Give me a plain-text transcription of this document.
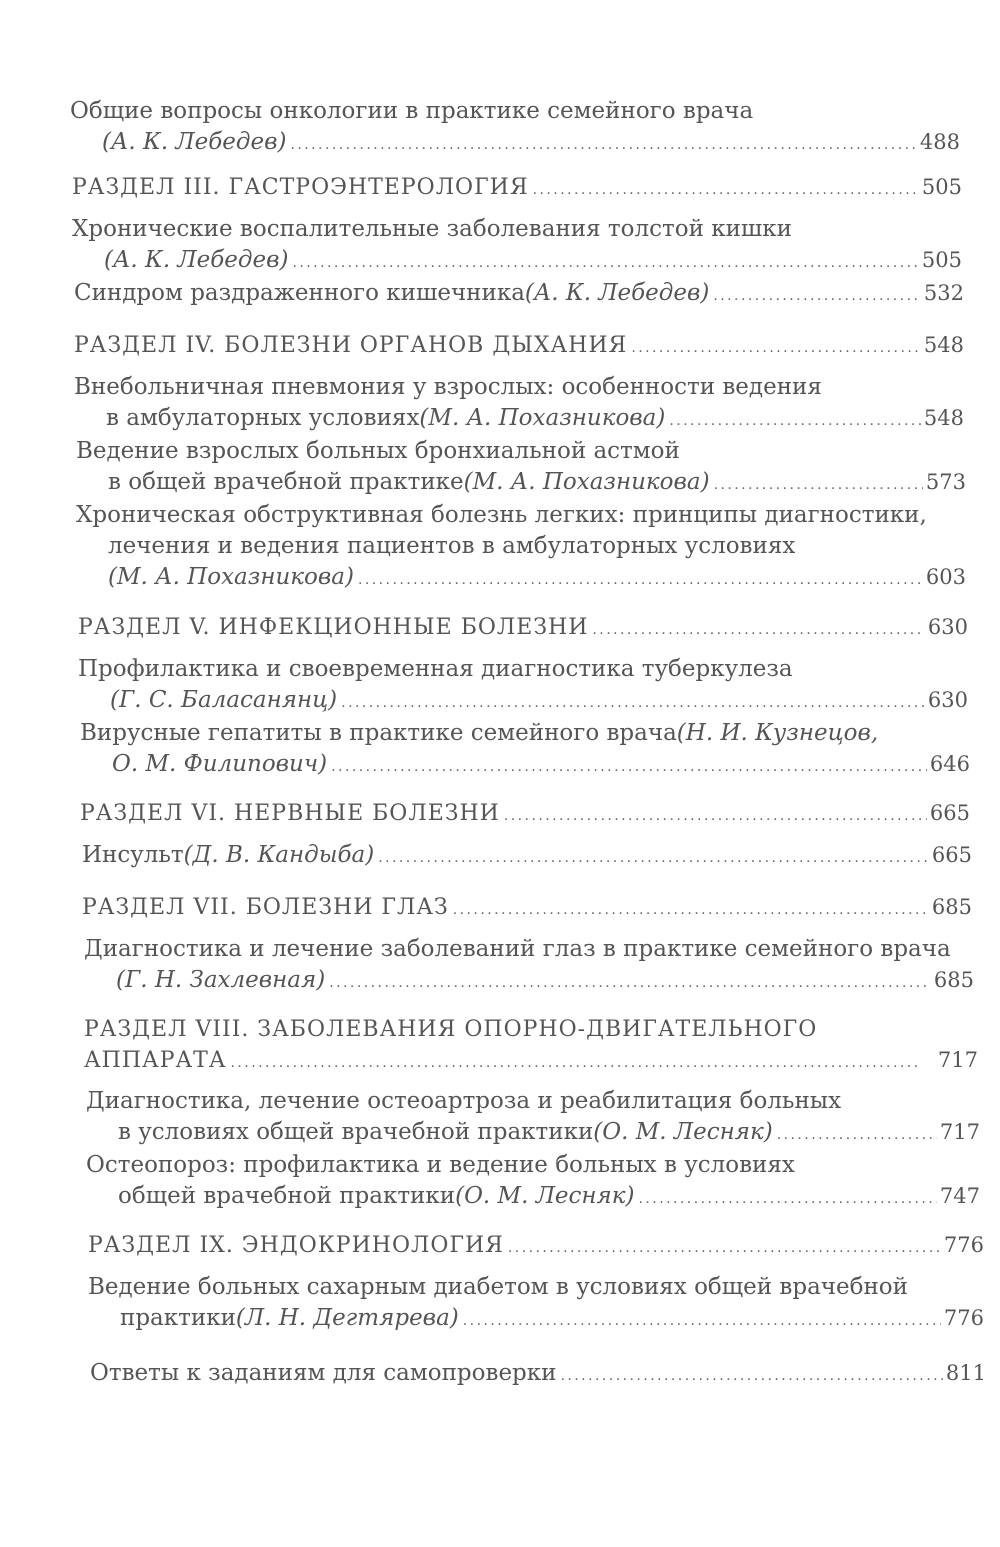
Общие вопросы онкологии в практике семейного врача
(А. К. Лебедев) . . .	488
РАЗДЕЛ III. ГАСТРОЭНТЕРОЛОГИЯ . . .	505
Хронические воспалительные заболевания толстой кишки
(А. К. Лебедев) . . .	505
Синдром раздраженного кишечника (А. К. Лебедев) . . .	532
РАЗДЕЛ IV. БОЛЕЗНИ ОРГАНОВ ДЫХАНИЯ . . .	548
Внебольничная пневмония у взрослых: особенности ведения
в амбулаторных условиях (М. А. Похазникова) . . .	548
Ведение взрослых больных бронхиальной астмой
в общей врачебной практике (М. А. Похазникова) . . .	573
Хроническая обструктивная болезнь легких: принципы диагностики,
лечения и ведения пациентов в амбулаторных условиях
(М. А. Похазникова) . . .	603
РАЗДЕЛ V. ИНФЕКЦИОННЫЕ БОЛЕЗНИ . . .	630
Профилактика и своевременная диагностика туберкулеза
(Г. С. Баласанянц) . . .	630
Вирусные гепатиты в практике семейного врача (Н. И. Кузнецов,
О. М. Филипович) . . .	646
РАЗДЕЛ VI. НЕРВНЫЕ БОЛЕЗНИ . . .	665
Инсульт (Д. В. Кандыба) . . .	665
РАЗДЕЛ VII. БОЛЕЗНИ ГЛАЗ . . .	685
Диагностика и лечение заболеваний глаз в практике семейного врача
(Г. Н. Захлевная) . . .	685
РАЗДЕЛ VIII. ЗАБОЛЕВАНИЯ ОПОРНО-ДВИГАТЕЛЬНОГО
АППАРАТА . . .	717
Диагностика, лечение остеоартроза и реабилитация больных
в условиях общей врачебной практики (О. М. Лесняк) . . .	717
Остеопороз: профилактика и ведение больных в условиях
общей врачебной практики (О. М. Лесняк) . . .	747
РАЗДЕЛ IX. ЭНДОКРИНОЛОГИЯ . . .	776
Ведение больных сахарным диабетом в условиях общей врачебной
практики (Л. Н. Дегтярева) . . .	776
Ответы к заданиям для самопроверки . . .	811
